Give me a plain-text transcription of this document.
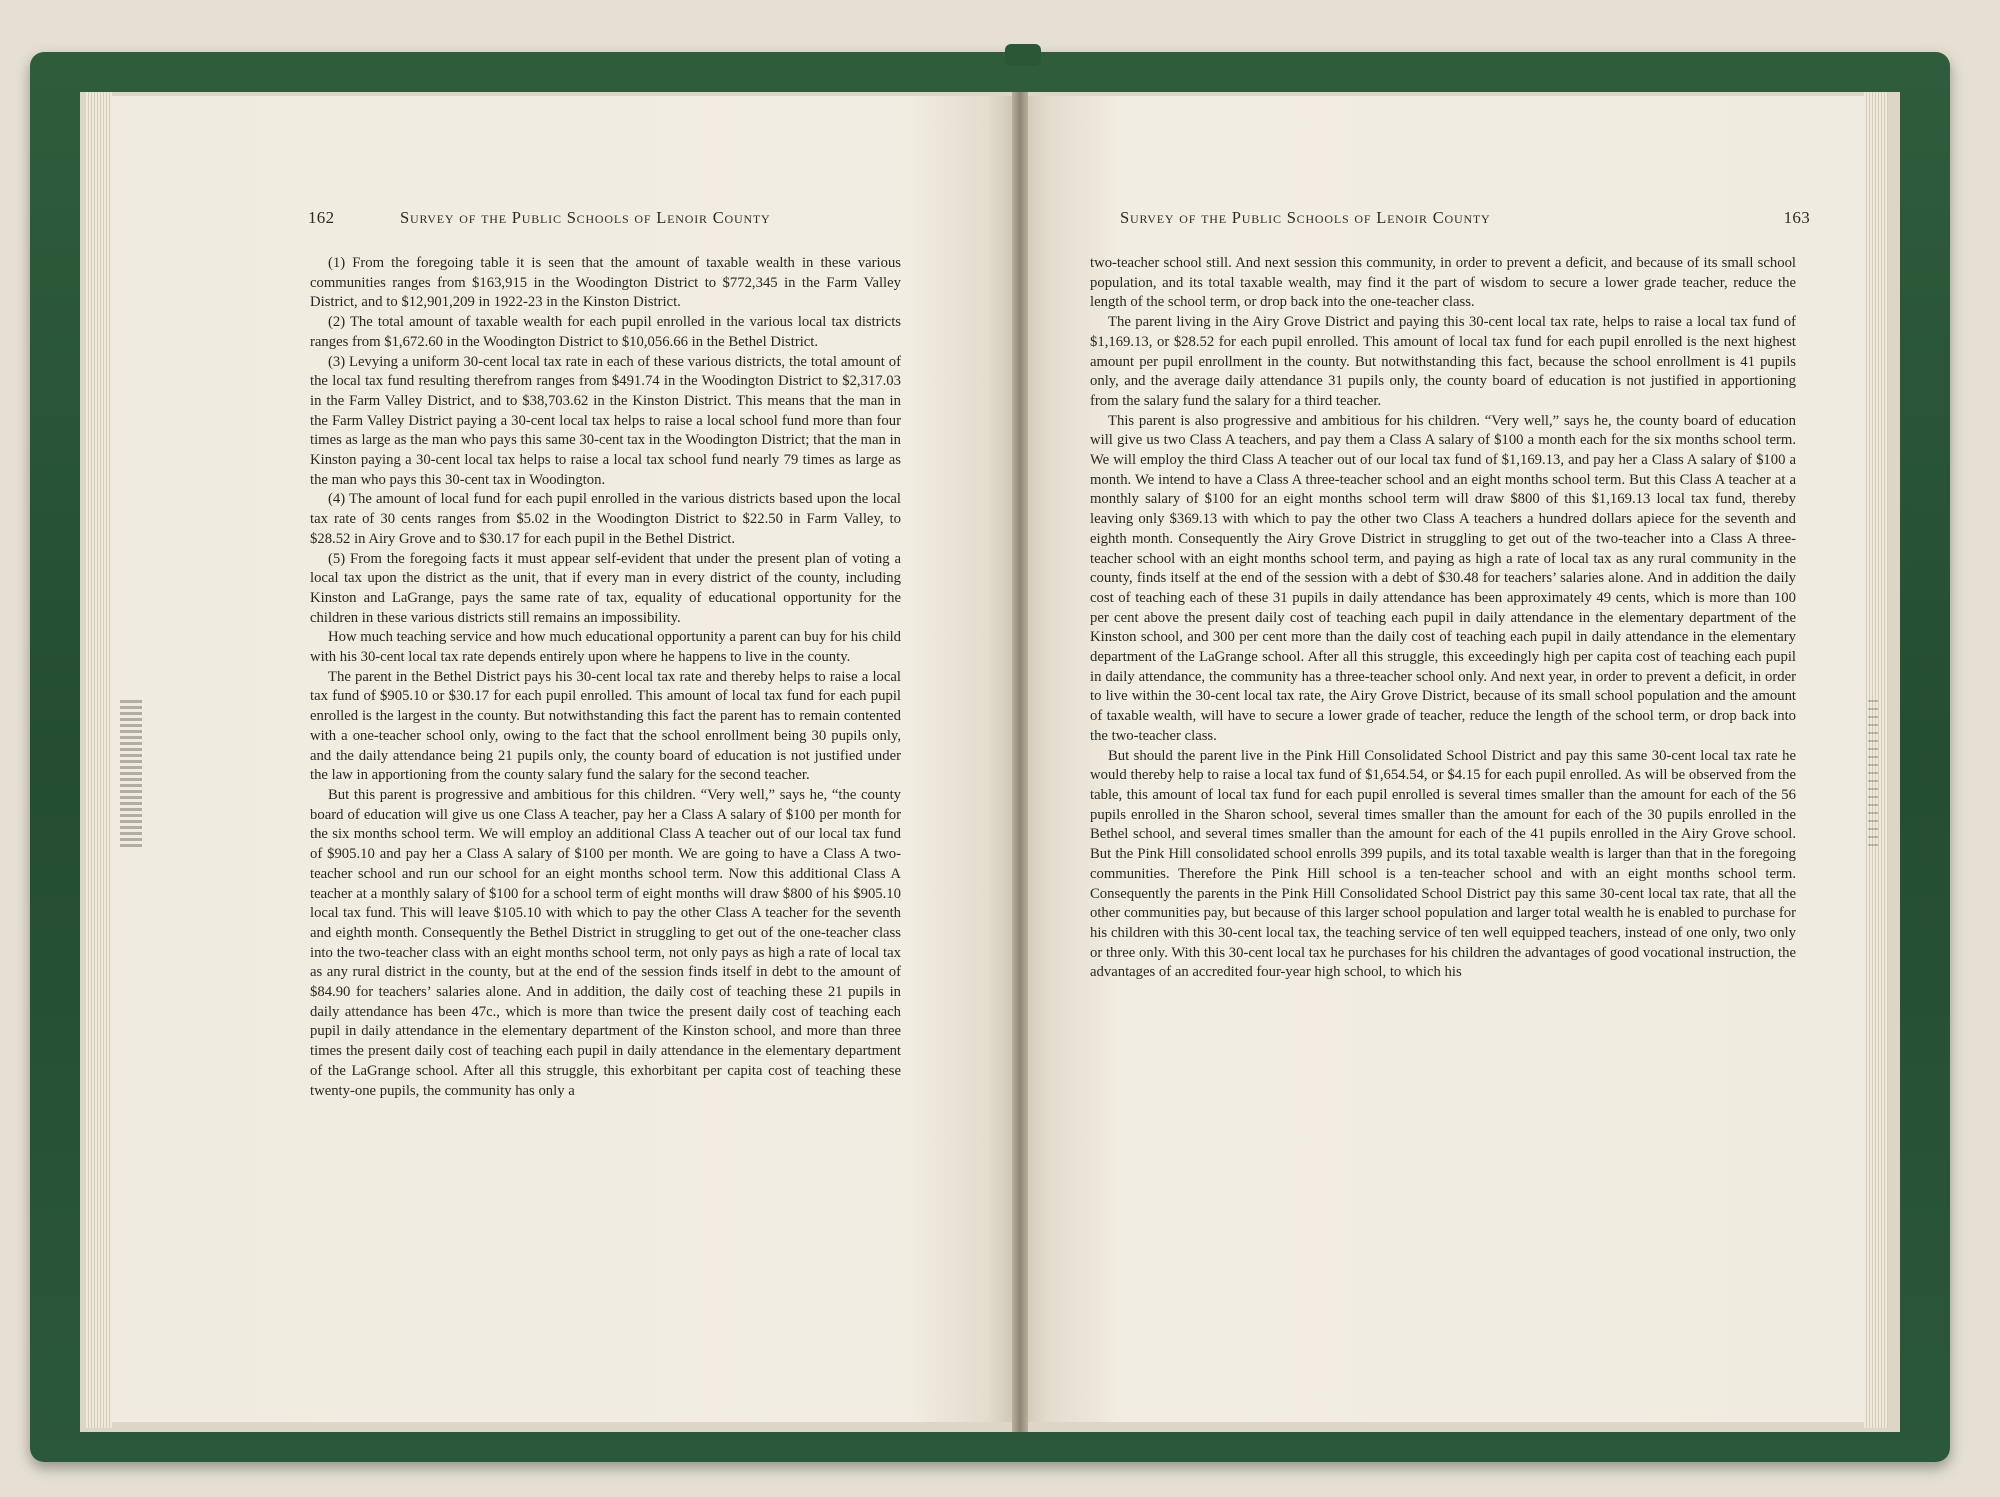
162	Survey of the Public Schools of Lenoir County

(1) From the foregoing table it is seen that the amount of taxable wealth in these various communities ranges from $163,915 in the Woodington District to $772,345 in the Farm Valley District, and to $12,901,209 in 1922-23 in the Kinston District.

(2) The total amount of taxable wealth for each pupil enrolled in the various local tax districts ranges from $1,672.60 in the Woodington District to $10,056.66 in the Bethel District.

(3) Levying a uniform 30-cent local tax rate in each of these various districts, the total amount of the local tax fund resulting therefrom ranges from $491.74 in the Woodington District to $2,317.03 in the Farm Valley District, and to $38,703.62 in the Kinston District. This means that the man in the Farm Valley District paying a 30-cent local tax helps to raise a local school fund more than four times as large as the man who pays this same 30-cent tax in the Woodington District; that the man in Kinston paying a 30-cent local tax helps to raise a local tax school fund nearly 79 times as large as the man who pays this 30-cent tax in Woodington.

(4) The amount of local fund for each pupil enrolled in the various districts based upon the local tax rate of 30 cents ranges from $5.02 in the Woodington District to $22.50 in Farm Valley, to $28.52 in Airy Grove and to $30.17 for each pupil in the Bethel District.

(5) From the foregoing facts it must appear self-evident that under the present plan of voting a local tax upon the district as the unit, that if every man in every district of the county, including Kinston and LaGrange, pays the same rate of tax, equality of educational opportunity for the children in these various districts still remains an impossibility.

How much teaching service and how much educational opportunity a parent can buy for his child with his 30-cent local tax rate depends entirely upon where he happens to live in the county.

The parent in the Bethel District pays his 30-cent local tax rate and thereby helps to raise a local tax fund of $905.10 or $30.17 for each pupil enrolled. This amount of local tax fund for each pupil enrolled is the largest in the county. But notwithstanding this fact the parent has to remain contented with a one-teacher school only, owing to the fact that the school enrollment being 30 pupils only, and the daily attendance being 21 pupils only, the county board of education is not justified under the law in apportioning from the county salary fund the salary for the second teacher.

But this parent is progressive and ambitious for this children. “Very well,” says he, “the county board of education will give us one Class A teacher, pay her a Class A salary of $100 per month for the six months school term. We will employ an additional Class A teacher out of our local tax fund of $905.10 and pay her a Class A salary of $100 per month. We are going to have a Class A two-teacher school and run our school for an eight months school term. Now this additional Class A teacher at a monthly salary of $100 for a school term of eight months will draw $800 of his $905.10 local tax fund. This will leave $105.10 with which to pay the other Class A teacher for the seventh and eighth month. Consequently the Bethel District in struggling to get out of the one-teacher class into the two-teacher class with an eight months school term, not only pays as high a rate of local tax as any rural district in the county, but at the end of the session finds itself in debt to the amount of $84.90 for teachers’ salaries alone. And in addition, the daily cost of teaching these 21 pupils in daily attendance has been 47c., which is more than twice the present daily cost of teaching each pupil in daily attendance in the elementary department of the Kinston school, and more than three times the present daily cost of teaching each pupil in daily attendance in the elementary department of the LaGrange school. After all this struggle, this exhorbitant per capita cost of teaching these twenty-one pupils, the community has only a

Survey of the Public Schools of Lenoir County	163

two-teacher school still. And next session this community, in order to prevent a deficit, and because of its small school population, and its total taxable wealth, may find it the part of wisdom to secure a lower grade teacher, reduce the length of the school term, or drop back into the one-teacher class.

The parent living in the Airy Grove District and paying this 30-cent local tax rate, helps to raise a local tax fund of $1,169.13, or $28.52 for each pupil enrolled. This amount of local tax fund for each pupil enrolled is the next highest amount per pupil enrollment in the county. But notwithstanding this fact, because the school enrollment is 41 pupils only, and the average daily attendance 31 pupils only, the county board of education is not justified in apportioning from the salary fund the salary for a third teacher.

This parent is also progressive and ambitious for his children. “Very well,” says he, the county board of education will give us two Class A teachers, and pay them a Class A salary of $100 a month each for the six months school term. We will employ the third Class A teacher out of our local tax fund of $1,169.13, and pay her a Class A salary of $100 a month. We intend to have a Class A three-teacher school and an eight months school term. But this Class A teacher at a monthly salary of $100 for an eight months school term will draw $800 of this $1,169.13 local tax fund, thereby leaving only $369.13 with which to pay the other two Class A teachers a hundred dollars apiece for the seventh and eighth month. Consequently the Airy Grove District in struggling to get out of the two-teacher into a Class A three-teacher school with an eight months school term, and paying as high a rate of local tax as any rural community in the county, finds itself at the end of the session with a debt of $30.48 for teachers’ salaries alone. And in addition the daily cost of teaching each of these 31 pupils in daily attendance has been approximately 49 cents, which is more than 100 per cent above the present daily cost of teaching each pupil in daily attendance in the elementary department of the Kinston school, and 300 per cent more than the daily cost of teaching each pupil in daily attendance in the elementary department of the LaGrange school. After all this struggle, this exceedingly high per capita cost of teaching each pupil in daily attendance, the community has a three-teacher school only. And next year, in order to prevent a deficit, in order to live within the 30-cent local tax rate, the Airy Grove District, because of its small school population and the amount of taxable wealth, will have to secure a lower grade of teacher, reduce the length of the school term, or drop back into the two-teacher class.

But should the parent live in the Pink Hill Consolidated School District and pay this same 30-cent local tax rate he would thereby help to raise a local tax fund of $1,654.54, or $4.15 for each pupil enrolled. As will be observed from the table, this amount of local tax fund for each pupil enrolled is several times smaller than the amount for each of the 56 pupils enrolled in the Sharon school, several times smaller than the amount for each of the 30 pupils enrolled in the Bethel school, and several times smaller than the amount for each of the 41 pupils enrolled in the Airy Grove school. But the Pink Hill consolidated school enrolls 399 pupils, and its total taxable wealth is larger than that in the foregoing communities. Therefore the Pink Hill school is a ten-teacher school and with an eight months school term. Consequently the parents in the Pink Hill Consolidated School District pay this same 30-cent local tax rate, that all the other communities pay, but because of this larger school population and larger total wealth he is enabled to purchase for his children with this 30-cent local tax, the teaching service of ten well equipped teachers, instead of one only, two only or three only. With this 30-cent local tax he purchases for his children the advantages of good vocational instruction, the advantages of an accredited four-year high school, to which his
